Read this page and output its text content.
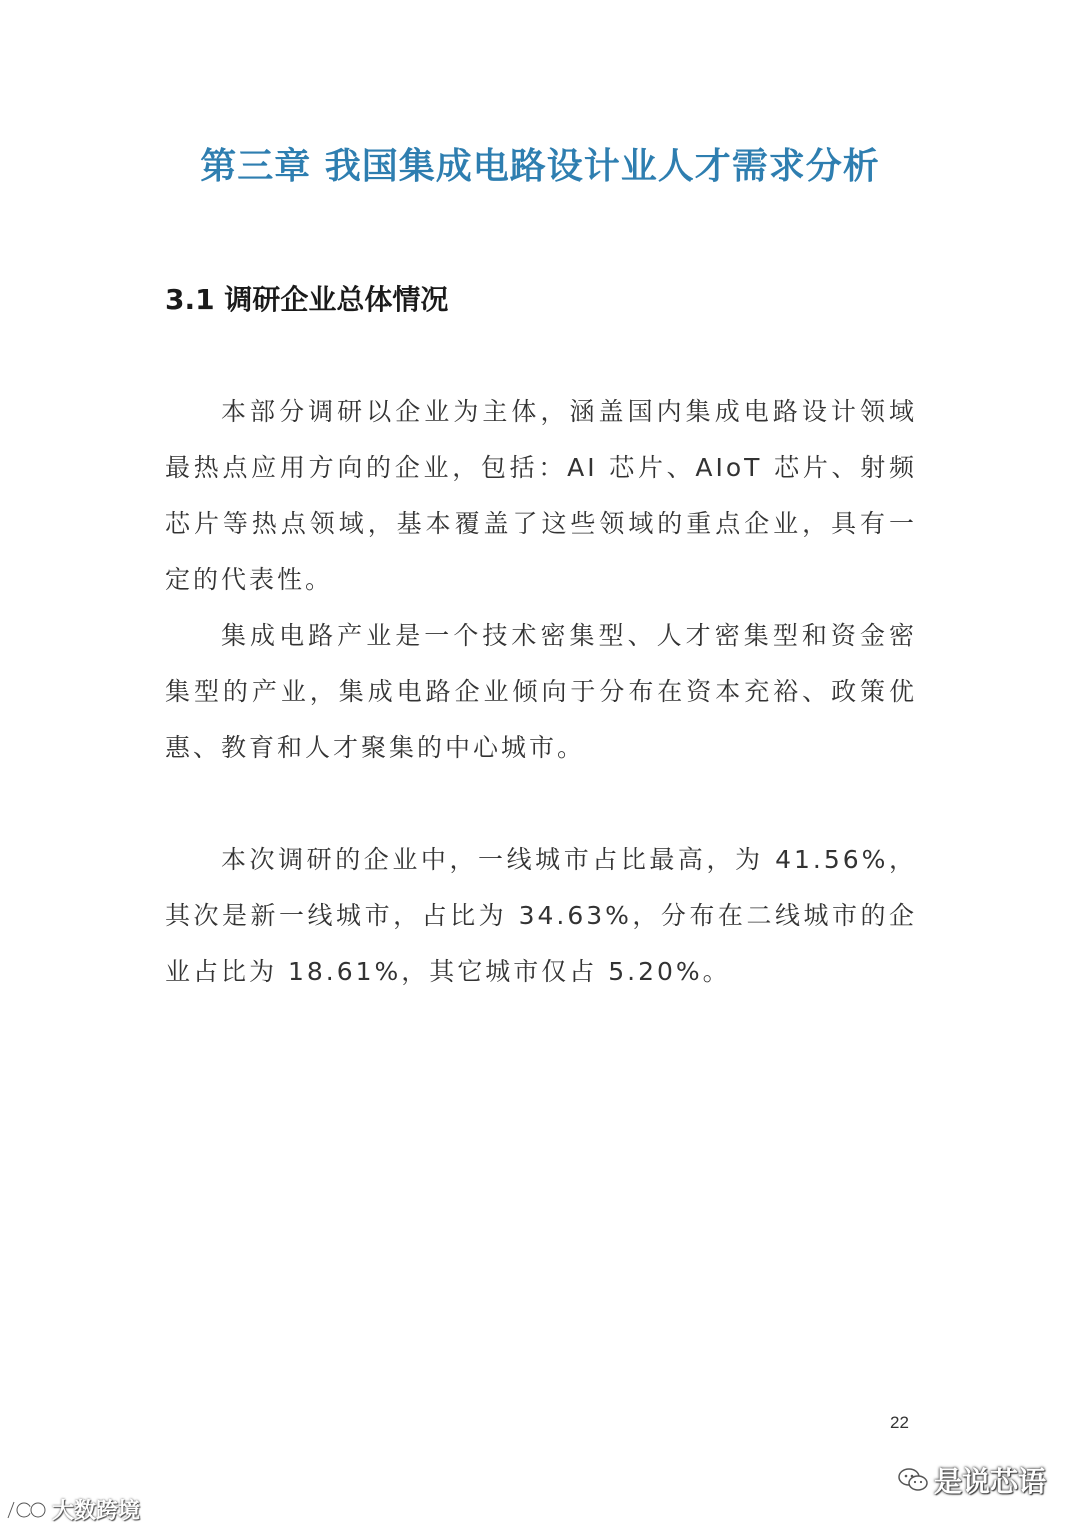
第三章 我国集成电路设计业人才需求分析
3.1 调研企业总体情况

本部分调研以企业为主体，涵盖国内集成电路设计领域最热点应用方向的企业，包括：AI 芯片、AIoT 芯片、射频芯片等热点领域，基本覆盖了这些领域的重点企业，具有一定的代表性。

集成电路产业是一个技术密集型、人才密集型和资金密集型的产业，集成电路企业倾向于分布在资本充裕、政策优惠、教育和人才聚集的中心城市。

本次调研的企业中，一线城市占比最高，为 41.56%，其次是新一线城市，占比为 34.63%，分布在二线城市的企业占比为 18.61%，其它城市仅占 5.20%。

22
是说芯语
大数跨境
